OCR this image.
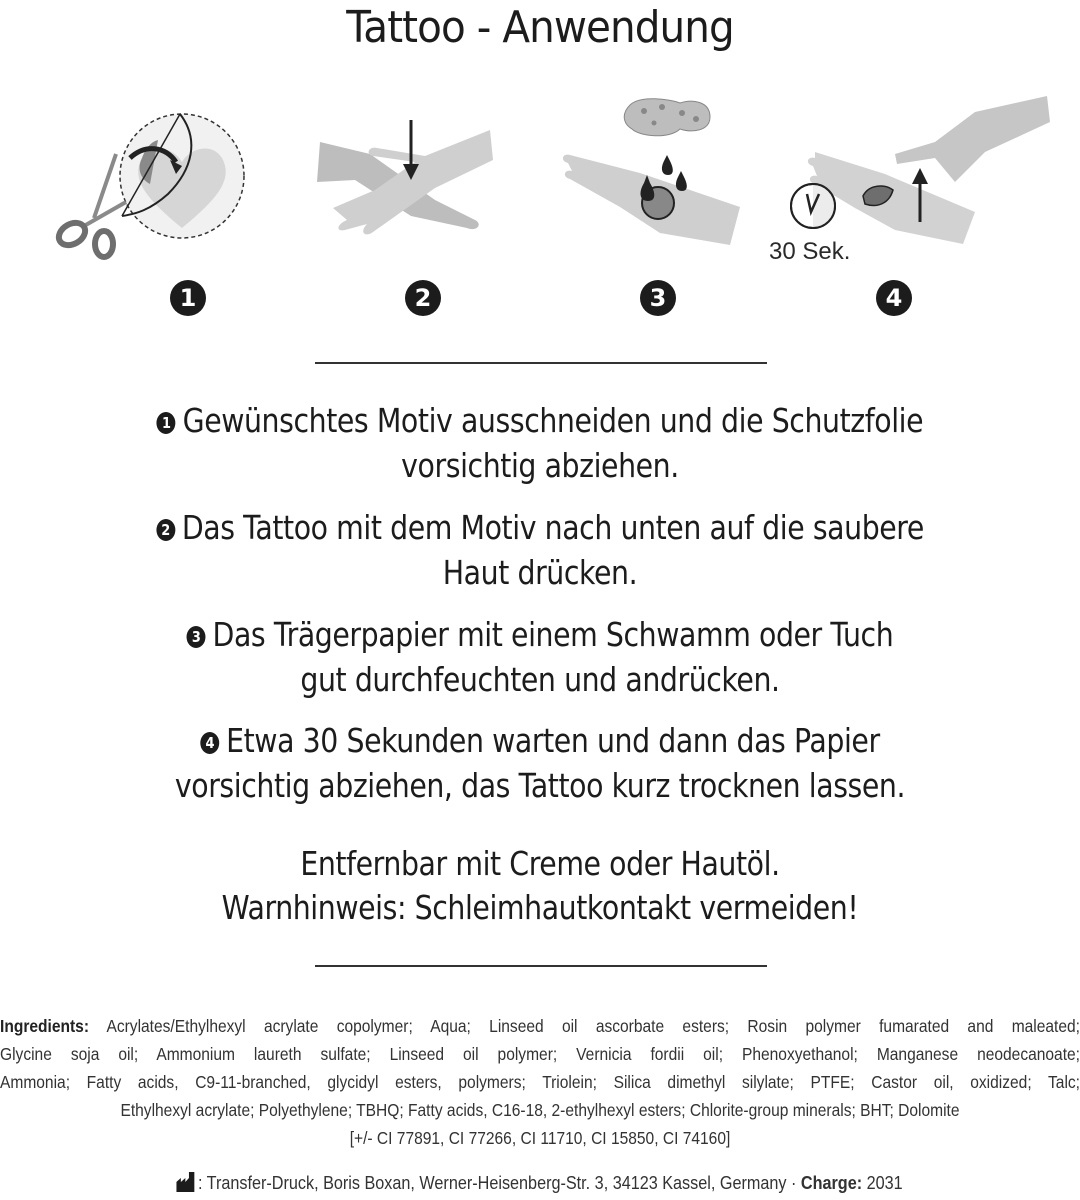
Tattoo - Anwendung
30 Sek.
1	2	3	4
1 Gewünschtes Motiv ausschneiden und die Schutzfolie
vorsichtig abziehen.
2 Das Tattoo mit dem Motiv nach unten auf die saubere
Haut drücken.
3 Das Trägerpapier mit einem Schwamm oder Tuch
gut durchfeuchten und andrücken.
4 Etwa 30 Sekunden warten und dann das Papier
vorsichtig abziehen, das Tattoo kurz trocknen lassen.
Entfernbar mit Creme oder Hautöl.
Warnhinweis: Schleimhautkontakt vermeiden!
Ingredients: Acrylates/Ethylhexyl acrylate copolymer; Aqua; Linseed oil ascorbate esters; Rosin polymer fumarated and maleated;
Glycine soja oil; Ammonium laureth sulfate; Linseed oil polymer; Vernicia fordii oil; Phenoxyethanol; Manganese neodecanoate;
Ammonia; Fatty acids, C9-11-branched, glycidyl esters, polymers; Triolein; Silica dimethyl silylate; PTFE; Castor oil, oxidized; Talc;
Ethylhexyl acrylate; Polyethylene; TBHQ; Fatty acids, C16-18, 2-ethylhexyl esters; Chlorite-group minerals; BHT; Dolomite
[+/- CI 77891, CI 77266, CI 11710, CI 15850, CI 74160]
: Transfer-Druck, Boris Boxan, Werner-Heisenberg-Str. 3, 34123 Kassel, Germany · Charge: 2031
